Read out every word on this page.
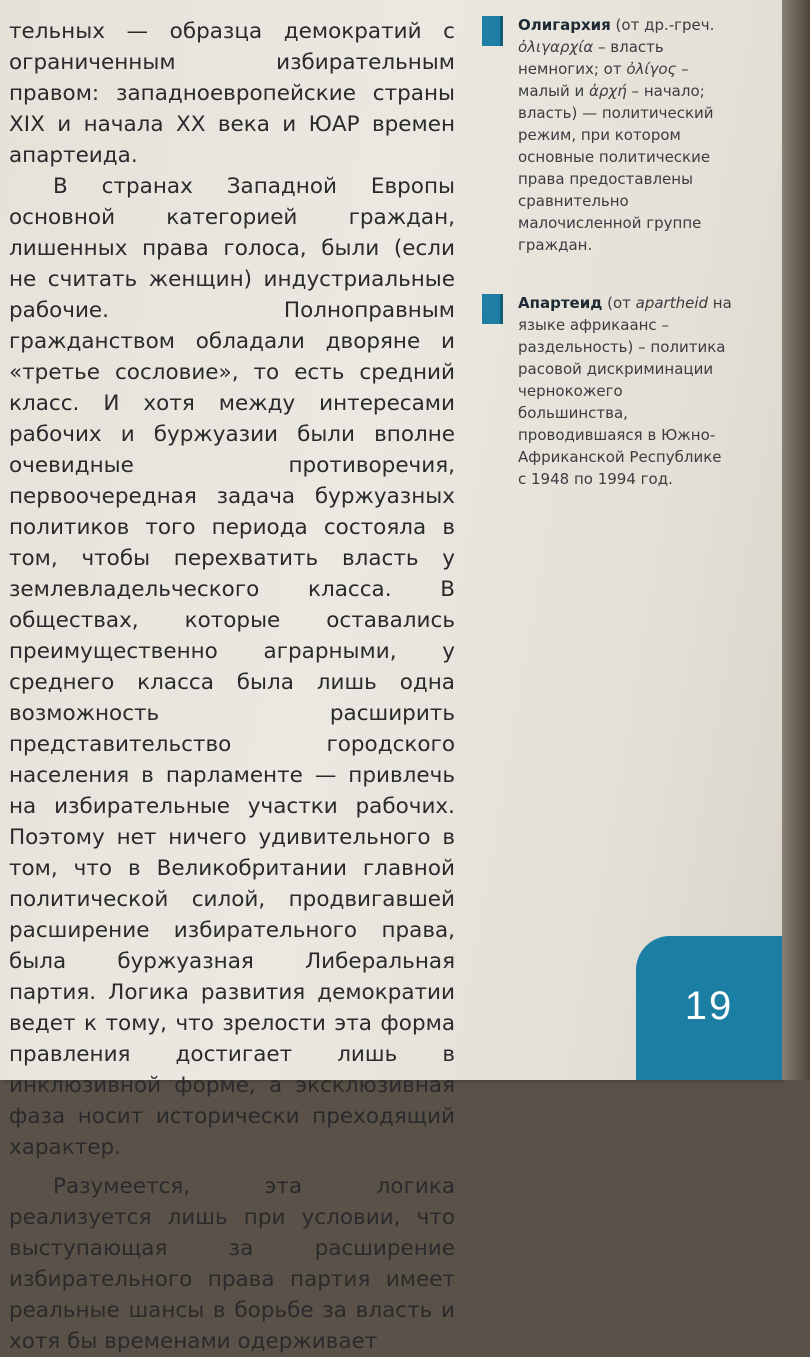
тельных — образца демократий с ограниченным избирательным правом: западноевропейские страны XIX и начала XX века и ЮАР времен апартеида.

В странах Западной Европы основной категорией граждан, лишенных права голоса, были (если не считать женщин) индустриальные рабочие. Полноправным гражданством обладали дворяне и «третье сословие», то есть средний класс. И хотя между интересами рабочих и буржуазии были вполне очевидные противоречия, первоочередная задача буржуазных политиков того периода состояла в том, чтобы перехватить власть у землевладельческого класса. В обществах, которые оставались преимущественно аграрными, у среднего класса была лишь одна возможность расширить представительство городского населения в парламенте — привлечь на избирательные участки рабочих. Поэтому нет ничего удивительного в том, что в Великобритании главной политической силой, продвигавшей расширение избирательного права, была буржуазная Либеральная партия. Логика развития демократии ведет к тому, что зрелости эта форма правления достигает лишь в инклюзивной форме, а эксклюзивная фаза носит исторически преходящий характер.

Разумеется, эта логика реализуется лишь при условии, что выступающая за расширение избирательного права партия имеет реальные шансы в борьбе за власть и хотя бы временами одерживает

Олигархия (от др.-греч. ὀλιγαρχία – власть немногих; от ὀλίγος – малый и ἀρχή – начало; власть) — политический режим, при котором основные политические права предоставлены сравнительно малочисленной группе граждан.
Апартеид (от apartheid на языке африкаанс – раздельность) – политика расовой дискриминации чернокожего большинства, проводившаяся в Южно-Африканской Республике с 1948 по 1994 год.
19
